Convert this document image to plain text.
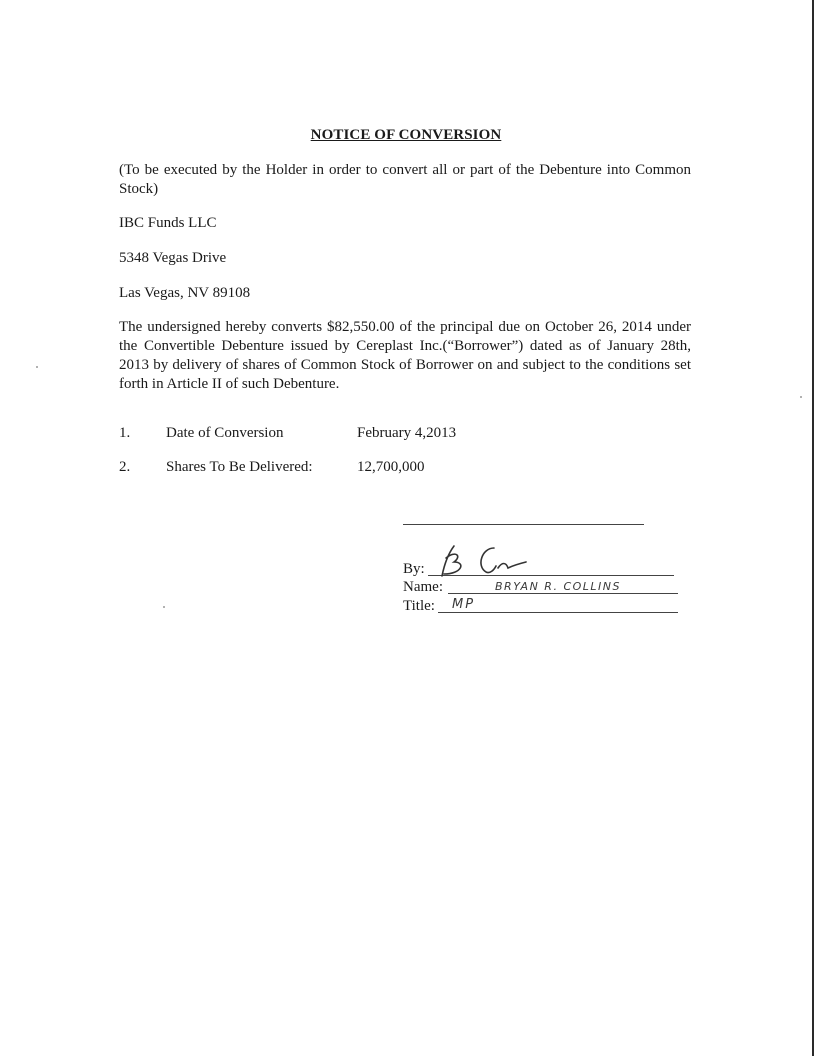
NOTICE OF CONVERSION
(To be executed by the Holder in order to convert all or part of the Debenture into Common Stock)
IBC Funds LLC
5348 Vegas Drive
Las Vegas, NV 89108
The undersigned hereby converts $82,550.00 of the principal due on October 26, 2014 under the Convertible Debenture issued by Cereplast Inc.(“Borrower”) dated as of January 28th, 2013 by delivery of shares of Common Stock of Borrower on and subject to the conditions set forth in Article II of such Debenture.
1. Date of Conversion	February 4,2013
2. Shares To Be Delivered:	12,700,000
By:
Name:	BRYAN R. COLLINS
Title: MP
